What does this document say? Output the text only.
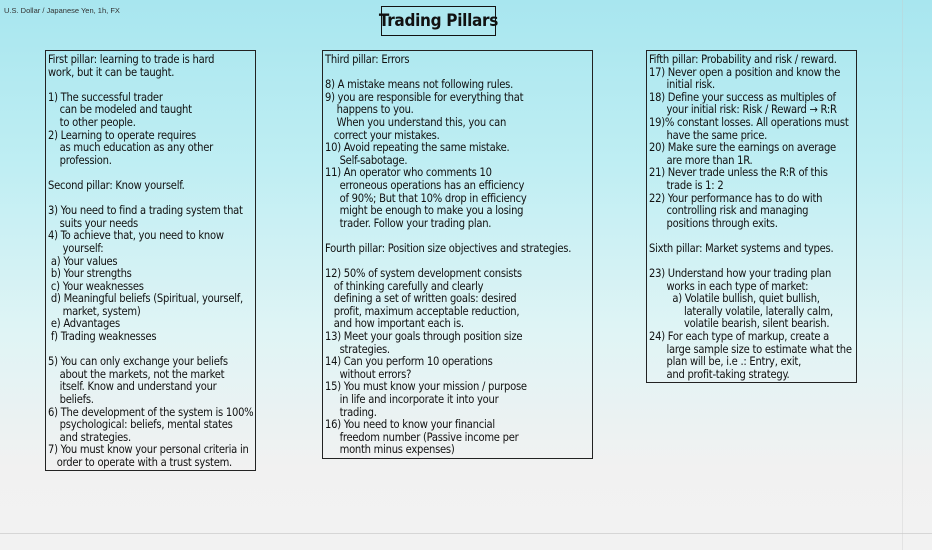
U.S. Dollar / Japanese Yen, 1h, FX
Trading Pillars
First pillar: learning to trade is hard
work, but it can be taught.
1) The successful trader
can be modeled and taught
to other people.
2) Learning to operate requires
as much education as any other
profession.
Second pillar: Know yourself.
3) You need to find a trading system that
suits your needs
4) To achieve that, you need to know
yourself:
a) Your values
b) Your strengths
c) Your weaknesses
d) Meaningful beliefs (Spiritual, yourself,
market, system)
e) Advantages
f) Trading weaknesses
5) You can only exchange your beliefs
about the markets, not the market
itself. Know and understand your
beliefs.
6) The development of the system is 100%
psychological: beliefs, mental states
and strategies.
7) You must know your personal criteria in
order to operate with a trust system.
Third pillar: Errors
8) A mistake means not following rules.
9) you are responsible for everything that
happens to you.
When you understand this, you can
correct your mistakes.
10) Avoid repeating the same mistake.
Self-sabotage.
11) An operator who comments 10
erroneous operations has an efficiency
of 90%; But that 10% drop in efficiency
might be enough to make you a losing
trader. Follow your trading plan.
Fourth pillar: Position size objectives and strategies.
12) 50% of system development consists
of thinking carefully and clearly
defining a set of written goals: desired
profit, maximum acceptable reduction,
and how important each is.
13) Meet your goals through position size
strategies.
14) Can you perform 10 operations
without errors?
15) You must know your mission / purpose
in life and incorporate it into your
trading.
16) You need to know your financial
freedom number (Passive income per
month minus expenses)
Fifth pillar: Probability and risk / reward.
17) Never open a position and know the
initial risk.
18) Define your success as multiples of
your initial risk: Risk / Reward → R:R
19)% constant losses. All operations must
have the same price.
20) Make sure the earnings on average
are more than 1R.
21) Never trade unless the R:R of this
trade is 1: 2
22) Your performance has to do with
controlling risk and managing
positions through exits.
Sixth pillar: Market systems and types.
23) Understand how your trading plan
works in each type of market:
a) Volatile bullish, quiet bullish,
laterally volatile, laterally calm,
volatile bearish, silent bearish.
24) For each type of markup, create a
large sample size to estimate what the
plan will be, i.e .: Entry, exit,
and profit-taking strategy.
